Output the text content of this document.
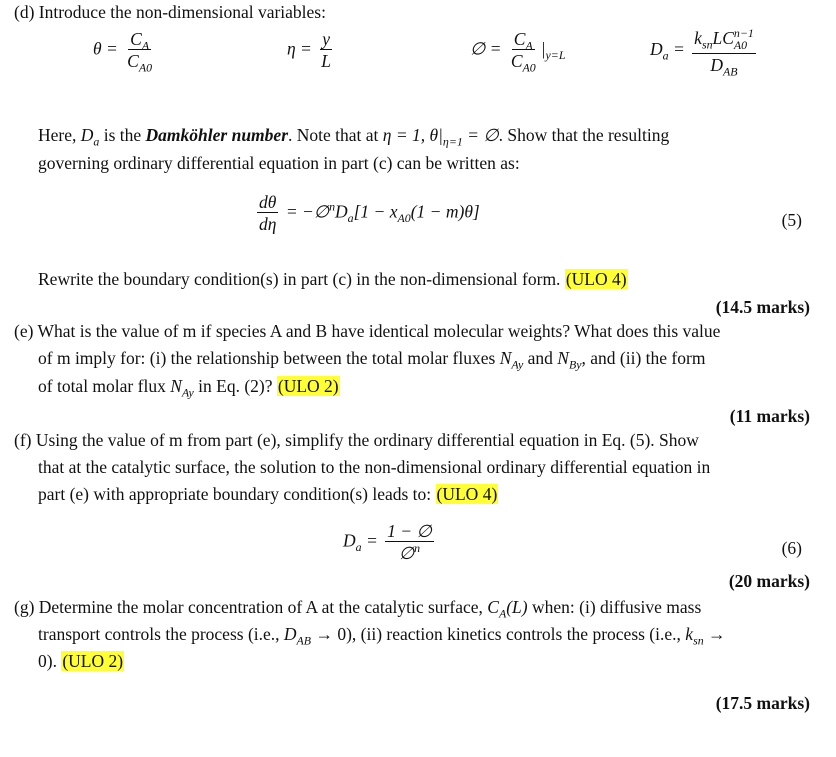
(d) Introduce the non-dimensional variables:
$\theta = \frac{C_A}{C_{A0}}$	$\eta = \frac{y}{L}$	∅ = $\frac{C_A}{C_{A0}} |_{y=L}$	$D_a = k_{sn}LC$ n−1
A0
$D_{AB}$
Here, $D_a$ is the Damköhler number. Note that at η = 1, $\theta|_{\eta=1}$ = ∅. Show that the resulting
governing ordinary differential equation in part (c) can be written as:
$\frac{d\theta}{d\eta}$ = $-\emptyset^nD_a[1 - x_{A0}(1 - m)\theta]$	(5)
Rewrite the boundary condition(s) in part (c) in the non-dimensional form. (ULO 4)
(14.5 marks)
(e) What is the value of m if species A and B have identical molecular weights? What does this value
of m imply for: (i) the relationship between the total molar fluxes $N_{Ay}$ and $N_{By}$, and (ii) the form
of total molar flux $N_{Ay}$ in Eq. (2)? (ULO 2)
(11 marks)
(f) Using the value of m from part (e), simplify the ordinary differential equation in Eq. (5). Show
that at the catalytic surface, the solution to the non-dimensional ordinary differential equation in
part (e) with appropriate boundary condition(s) leads to: (ULO 4)
$D_a = \frac{1 - \emptyset}{\emptyset^n}$	(6)
(20 marks)
(g) Determine the molar concentration of A at the catalytic surface, $C_A(L)$ when: (i) diffusive mass
transport controls the process (i.e., $D_{AB} \to 0$), (ii) reaction kinetics controls the process (i.e., $k_{sn}$ →
0). (ULO 2)
(17.5 marks)
